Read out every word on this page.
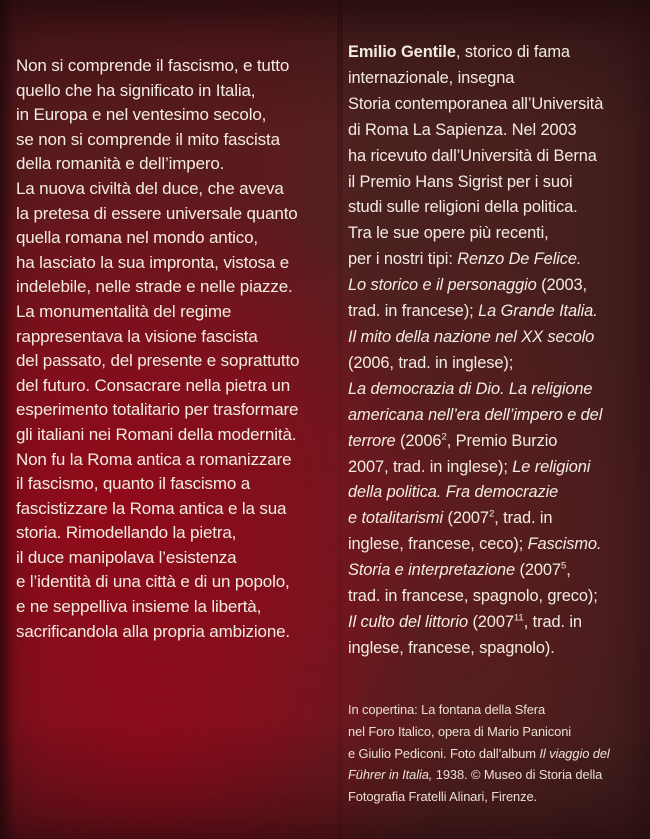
Non si comprende il fascismo, e tutto
quello che ha significato in Italia,
in Europa e nel ventesimo secolo,
se non si comprende il mito fascista
della romanità e dell’impero.
La nuova civiltà del duce, che aveva
la pretesa di essere universale quanto
quella romana nel mondo antico,
ha lasciato la sua impronta, vistosa e
indelebile, nelle strade e nelle piazze.
La monumentalità del regime
rappresentava la visione fascista
del passato, del presente e soprattutto
del futuro. Consacrare nella pietra un
esperimento totalitario per trasformare
gli italiani nei Romani della modernità.
Non fu la Roma antica a romanizzare
il fascismo, quanto il fascismo a
fascistizzare la Roma antica e la sua
storia. Rimodellando la pietra,
il duce manipolava l’esistenza
e l’identità di una città e di un popolo,
e ne seppelliva insieme la libertà,
sacrificandola alla propria ambizione.
Emilio Gentile, storico di fama
internazionale, insegna
Storia contemporanea all’Università
di Roma La Sapienza. Nel 2003
ha ricevuto dall’Università di Berna
il Premio Hans Sigrist per i suoi
studi sulle religioni della politica.
Tra le sue opere più recenti,
per i nostri tipi: Renzo De Felice.
Lo storico e il personaggio (2003,
trad. in francese); La Grande Italia.
Il mito della nazione nel XX secolo
(2006, trad. in inglese);
La democrazia di Dio. La religione
americana nell’era dell’impero e del
terrore (2006$^2$, Premio Burzio
2007, trad. in inglese); Le religioni
della politica. Fra democrazie
e totalitarismi (2007$^2$, trad. in
inglese, francese, ceco); Fascismo.
Storia e interpretazione (2007$^5$,
trad. in francese, spagnolo, greco);
Il culto del littorio (2007$^{11}$, trad. in
inglese, francese, spagnolo).
In copertina: La fontana della Sfera
nel Foro Italico, opera di Mario Paniconi
e Giulio Pediconi. Foto dall’album Il viaggio del
Führer in Italia, 1938. © Museo di Storia della
Fotografia Fratelli Alinari, Firenze.
